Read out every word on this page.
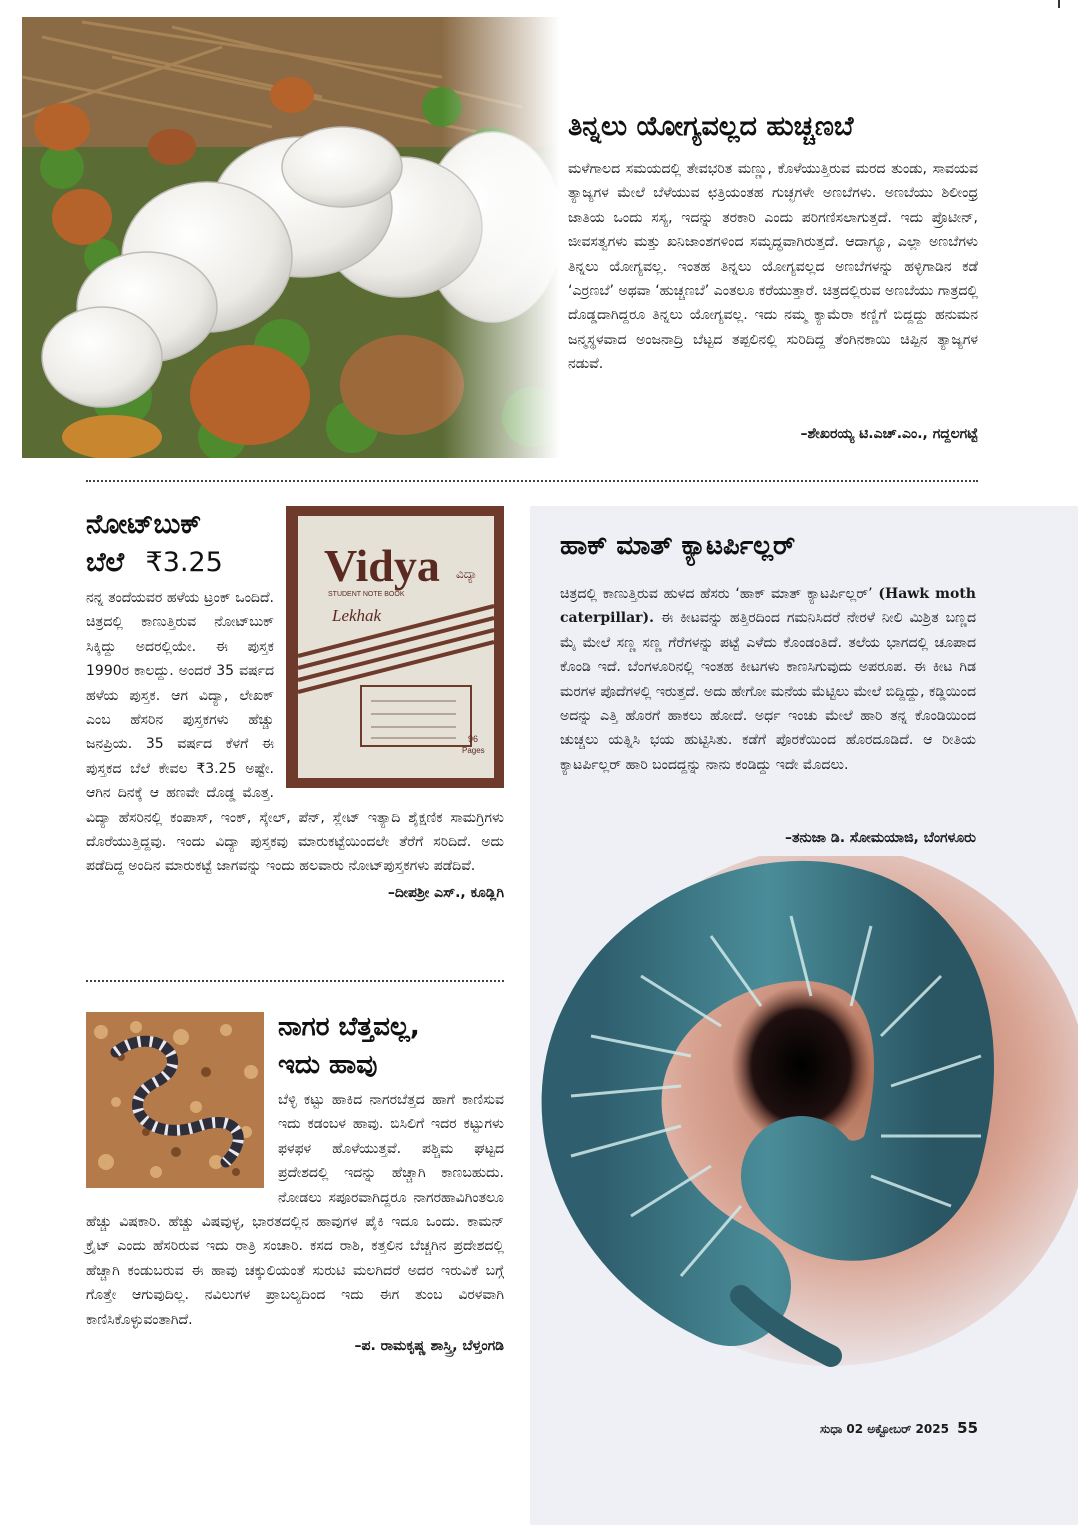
ತಿನ್ನಲು ಯೋಗ್ಯವಲ್ಲದ ಹುಚ್ಚಣಬೆ

ಮಳೆಗಾಲದ ಸಮಯದಲ್ಲಿ ತೇವಭರಿತ ಮಣ್ಣು, ಕೊಳೆಯುತ್ತಿರುವ ಮರದ ತುಂಡು, ಸಾವಯವ ತ್ಯಾಜ್ಯಗಳ ಮೇಲೆ ಬೆಳೆಯುವ ಛತ್ರಿಯಂತಹ ಗುಚ್ಛಗಳೇ ಅಣಬೆಗಳು. ಅಣಬೆಯು ಶಿಲೀಂಧ್ರ ಜಾತಿಯ ಒಂದು ಸಸ್ಯ, ಇದನ್ನು ತರಕಾರಿ ಎಂದು ಪರಿಗಣಿಸಲಾಗುತ್ತದೆ. ಇದು ಪ್ರೊಟೀನ್, ಜೀವಸತ್ವಗಳು ಮತ್ತು ಖನಿಜಾಂಶಗಳಿಂದ ಸಮೃದ್ಧವಾಗಿರುತ್ತದೆ. ಆದಾಗ್ಯೂ, ಎಲ್ಲಾ ಅಣಬೆಗಳು ತಿನ್ನಲು ಯೋಗ್ಯವಲ್ಲ. ಇಂತಹ ತಿನ್ನಲು ಯೋಗ್ಯವಲ್ಲದ ಅಣಬೆಗಳನ್ನು ಹಳ್ಳಿಗಾಡಿನ ಕಡೆ ‘ಎರ್ರಣಬೆ’ ಅಥವಾ ‘ಹುಚ್ಚಣಬೆ’ ಎಂತಲೂ ಕರೆಯುತ್ತಾರೆ. ಚಿತ್ರದಲ್ಲಿರುವ ಅಣಬೆಯು ಗಾತ್ರದಲ್ಲಿ ದೊಡ್ಡದಾಗಿದ್ದರೂ ತಿನ್ನಲು ಯೋಗ್ಯವಲ್ಲ. ಇದು ನಮ್ಮ ಕ್ಯಾಮೆರಾ ಕಣ್ಣಿಗೆ ಬಿದ್ದದ್ದು ಹನುಮನ ಜನ್ಮಸ್ಥಳವಾದ ಅಂಜನಾದ್ರಿ ಬೆಟ್ಟದ ತಪ್ಪಲಿನಲ್ಲಿ ಸುರಿದಿದ್ದ ತೆಂಗಿನಕಾಯಿ ಚಿಪ್ಪಿನ ತ್ಯಾಜ್ಯಗಳ ನಡುವೆ.

–ಶೇಖರಯ್ಯ ಟಿ.ಎಚ್.ಎಂ., ಗದ್ದಲಗಟ್ಟೆ

ಹಾಕ್ ಮಾತ್ ಕ್ಯಾಟರ್ಪಿಲ್ಲರ್

ಚಿತ್ರದಲ್ಲಿ ಕಾಣುತ್ತಿರುವ ಹುಳದ ಹೆಸರು ‘ಹಾಕ್ ಮಾತ್ ಕ್ಯಾಟರ್ಪಿಲ್ಲರ್’ (Hawk moth caterpillar). ಈ ಕೀಟವನ್ನು ಹತ್ತಿರದಿಂದ ಗಮನಿಸಿದರೆ ನೇರಳೆ ನೀಲಿ ಮಿಶ್ರಿತ ಬಣ್ಣದ ಮೈ ಮೇಲೆ ಸಣ್ಣ ಸಣ್ಣ ಗೆರೆಗಳನ್ನು ಪಟ್ಟೆ ಎಳೆದು ಕೊಂಡಂತಿದೆ. ತಲೆಯ ಭಾಗದಲ್ಲಿ ಚೂಪಾದ ಕೊಂಡಿ ಇದೆ. ಬೆಂಗಳೂರಿನಲ್ಲಿ ಇಂತಹ ಕೀಟಗಳು ಕಾಣಸಿಗುವುದು ಅಪರೂಪ. ಈ ಕೀಟ ಗಿಡ ಮರಗಳ ಪೊದೆಗಳಲ್ಲಿ ಇರುತ್ತದೆ. ಅದು ಹೇಗೋ ಮನೆಯ ಮೆಟ್ಟಿಲು ಮೇಲೆ ಬಿದ್ದಿದ್ದು, ಕಡ್ಡಿಯಿಂದ ಅದನ್ನು ಎತ್ತಿ ಹೊರಗೆ ಹಾಕಲು ಹೋದೆ. ಅರ್ಧ ಇಂಚು ಮೇಲೆ ಹಾರಿ ತನ್ನ ಕೊಂಡಿಯಿಂದ ಚುಚ್ಚಲು ಯತ್ನಿಸಿ ಭಯ ಹುಟ್ಟಿಸಿತು. ಕಡೆಗೆ ಪೊರಕೆಯಿಂದ ಹೊರದೂಡಿದೆ. ಆ ರೀತಿಯ ಕ್ಯಾಟರ್ಪಿಲ್ಲರ್ ಹಾರಿ ಬಂದದ್ದನ್ನು ನಾನು ಕಂಡಿದ್ದು ಇದೇ ಮೊದಲು.

–ತನುಜಾ ಡಿ. ಸೋಮಯಾಜಿ, ಬೆಂಗಳೂರು

Vidya ವಿದ್ಯಾ
STUDENT NOTE BOOK
Lekhak
96
Pages
ನೋಟ್‌ಬುಕ್
ಬೆಲೆ ₹3.25

ನನ್ನ ತಂದೆಯವರ ಹಳೆಯ ಟ್ರಂಕ್ ಒಂದಿದೆ. ಚಿತ್ರದಲ್ಲಿ ಕಾಣುತ್ತಿರುವ ನೋಟ್‌ಬುಕ್ ಸಿಕ್ಕಿದ್ದು ಅದರಲ್ಲಿಯೇ. ಈ ಪುಸ್ತಕ 1990ರ ಕಾಲದ್ದು. ಅಂದರೆ 35 ವರ್ಷದ ಹಳೆಯ ಪುಸ್ತಕ. ಆಗ ವಿದ್ಯಾ, ಲೇಖಕ್ ಎಂಬ ಹೆಸರಿನ ಪುಸ್ತಕಗಳು ಹೆಚ್ಚು ಜನಪ್ರಿಯ. 35 ವರ್ಷದ ಕೆಳಗೆ ಈ ಪುಸ್ತಕದ ಬೆಲೆ ಕೇವಲ ₹3.25 ಅಷ್ಟೇ. ಆಗಿನ ದಿನಕ್ಕೆ ಆ ಹಣವೇ ದೊಡ್ಡ ಮೊತ್ತ. ವಿದ್ಯಾ ಹೆಸರಿನಲ್ಲಿ ಕಂಪಾಸ್, ಇಂಕ್, ಸ್ಕೇಲ್, ಪೆನ್, ಸ್ಲೇಟ್ ಇತ್ಯಾದಿ ಶೈಕ್ಷಣಿಕ ಸಾಮಗ್ರಿಗಳು ದೊರೆಯುತ್ತಿದ್ದವು. ಇಂದು ವಿದ್ಯಾ ಪುಸ್ತಕವು ಮಾರುಕಟ್ಟೆಯಿಂದಲೇ ತೆರೆಗೆ ಸರಿದಿದೆ. ಅದು ಪಡೆದಿದ್ದ ಅಂದಿನ ಮಾರುಕಟ್ಟೆ ಜಾಗವನ್ನು ಇಂದು ಹಲವಾರು ನೋಟ್‌ಪುಸ್ತಕಗಳು ಪಡೆದಿವೆ.

–ದೀಪಶ್ರೀ ಎಸ್., ಕೂಡ್ಲಿಗಿ

ನಾಗರ ಬೆತ್ತವಲ್ಲ,
ಇದು ಹಾವು

ಬೆಳ್ಳಿ ಕಟ್ಟು ಹಾಕಿದ ನಾಗರಬೆತ್ತದ ಹಾಗೆ ಕಾಣಿಸುವ ಇದು ಕಡಂಬಳ ಹಾವು. ಬಿಸಿಲಿಗೆ ಇದರ ಕಟ್ಟುಗಳು ಫಳಫಳ ಹೊಳೆಯುತ್ತವೆ. ಪಶ್ಚಿಮ ಘಟ್ಟದ ಪ್ರದೇಶದಲ್ಲಿ ಇದನ್ನು ಹೆಚ್ಚಾಗಿ ಕಾಣಬಹುದು. ನೋಡಲು ಸಪೂರವಾಗಿದ್ದರೂ ನಾಗರಹಾವಿಗಿಂತಲೂ ಹೆಚ್ಚು ವಿಷಕಾರಿ. ಹೆಚ್ಚು ವಿಷವುಳ್ಳ, ಭಾರತದಲ್ಲಿನ ಹಾವುಗಳ ಪೈಕಿ ಇದೂ ಒಂದು. ಕಾಮನ್ ಕ್ರೈಟ್ ಎಂದು ಹೆಸರಿರುವ ಇದು ರಾತ್ರಿ ಸಂಚಾರಿ. ಕಸದ ರಾಶಿ, ಕತ್ತಲಿನ ಬೆಚ್ಚಗಿನ ಪ್ರದೇಶದಲ್ಲಿ ಹೆಚ್ಚಾಗಿ ಕಂಡುಬರುವ ಈ ಹಾವು ಚಕ್ಕುಲಿಯಂತೆ ಸುರುಟಿ ಮಲಗಿದರೆ ಅದರ ಇರುವಿಕೆ ಬಗ್ಗೆ ಗೊತ್ತೇ ಆಗುವುದಿಲ್ಲ. ನವಿಲುಗಳ ಪ್ರಾಬಲ್ಯದಿಂದ ಇದು ಈಗ ತುಂಬ ವಿರಳವಾಗಿ ಕಾಣಿಸಿಕೊಳ್ಳುವಂತಾಗಿದೆ.

–ಪ. ರಾಮಕೃಷ್ಣ ಶಾಸ್ತ್ರಿ, ಬೆಳ್ತಂಗಡಿ

ಸುಧಾ 02 ಅಕ್ಟೋಬರ್ 2025 55
